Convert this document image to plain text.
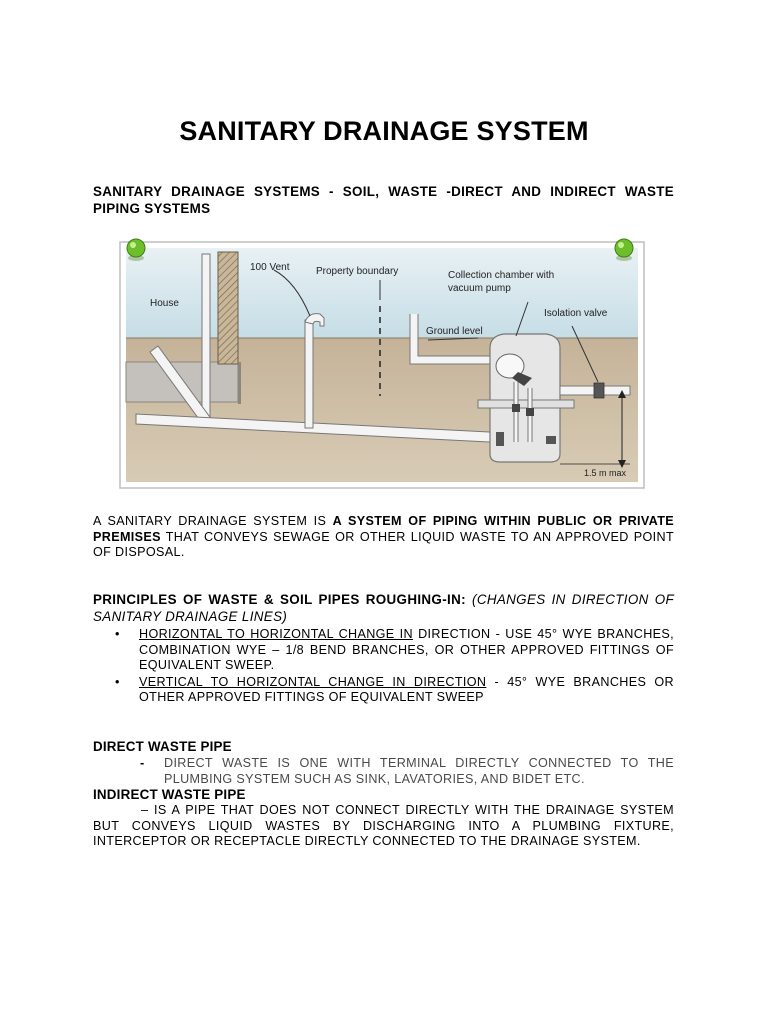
SANITARY DRAINAGE SYSTEM
SANITARY DRAINAGE SYSTEMS - SOIL, WASTE -DIRECT AND INDIRECT WASTE PIPING SYSTEMS
House
100 Vent	Property boundary	Collection chamber with
vacuum pump
Isolation valve
Ground level
1.5 m max
A SANITARY DRAINAGE SYSTEM IS A SYSTEM OF PIPING WITHIN PUBLIC OR PRIVATE PREMISES THAT CONVEYS SEWAGE OR OTHER LIQUID WASTE TO AN APPROVED POINT OF DISPOSAL.
PRINCIPLES OF WASTE & SOIL PIPES ROUGHING-IN: (CHANGES IN DIRECTION OF SANITARY DRAINAGE LINES)
• HORIZONTAL TO HORIZONTAL CHANGE IN DIRECTION - USE 45° WYE BRANCHES, COMBINATION WYE – 1/8 BEND BRANCHES, OR OTHER APPROVED FITTINGS OF EQUIVALENT SWEEP.
• VERTICAL TO HORIZONTAL CHANGE IN DIRECTION - 45° WYE BRANCHES OR OTHER APPROVED FITTINGS OF EQUIVALENT SWEEP
DIRECT WASTE PIPE
- DIRECT WASTE IS ONE WITH TERMINAL DIRECTLY CONNECTED TO THE PLUMBING SYSTEM SUCH AS SINK, LAVATORIES, AND BIDET ETC.
INDIRECT WASTE PIPE
– IS A PIPE THAT DOES NOT CONNECT DIRECTLY WITH THE DRAINAGE SYSTEM BUT CONVEYS LIQUID WASTES BY DISCHARGING INTO A PLUMBING FIXTURE, INTERCEPTOR OR RECEPTACLE DIRECTLY CONNECTED TO THE DRAINAGE SYSTEM.
